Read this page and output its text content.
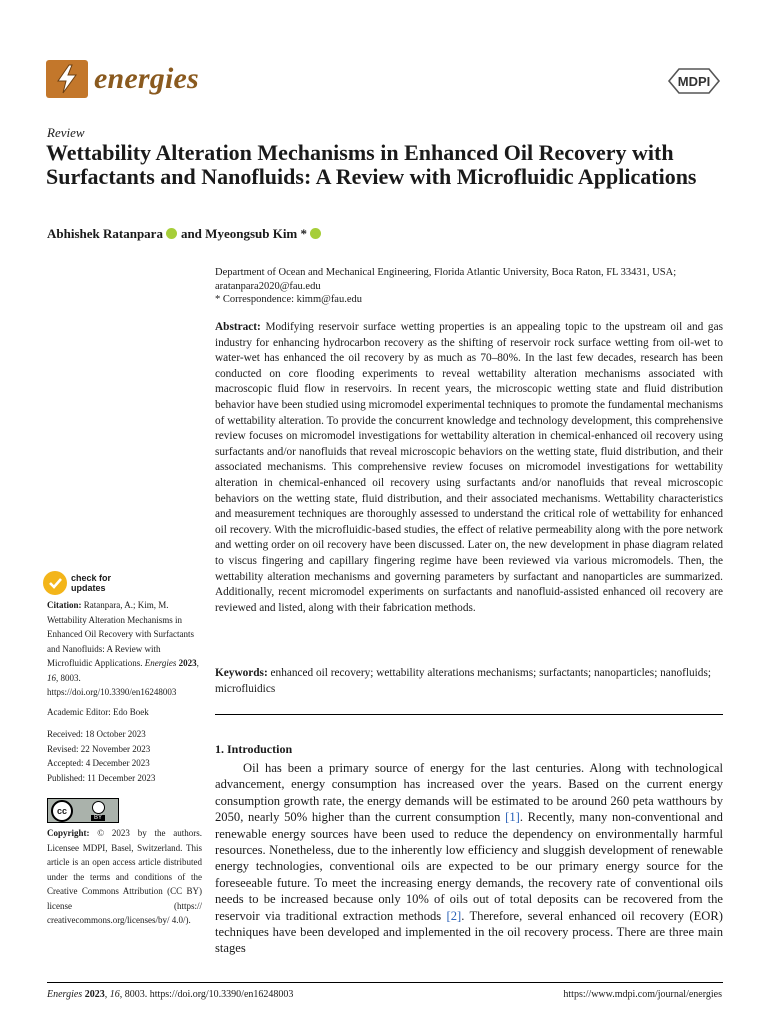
energies	MDPI
Review
Wettability Alteration Mechanisms in Enhanced Oil Recovery with Surfactants and Nanofluids: A Review with Microfluidic Applications
Abhishek Ratanpara and
Myeongsub Kim
*
Department of Ocean and Mechanical Engineering, Florida Atlantic University, Boca Raton, FL 33431, USA;
aratanpara2020@fau.edu
* Correspondence: kimm@fau.edu
Abstract: Modifying reservoir surface wetting properties is an appealing topic to the upstream oil and gas industry for enhancing hydrocarbon recovery as the shifting of reservoir rock surface wetting from oil-wet to water-wet has enhanced the oil recovery by as much as 70–80%. In the last few decades, research has been conducted on core flooding experiments to reveal wettability alteration mechanisms associated with macroscopic fluid flow in reservoirs. In recent years, the microscopic wetting state and fluid distribution behavior have been studied using micromodel experimental techniques to promote the fundamental mechanisms of wettability alteration. To provide the concurrent knowledge and technology development, this comprehensive review focuses on micromodel investigations for wettability alteration in chemical-enhanced oil recovery using surfactants and/or nanofluids that reveal microscopic behaviors on the wetting state, fluid distribution, and their associated mechanisms. This comprehensive review focuses on micromodel investigations for wettability alteration in chemical-enhanced oil recovery using surfactants and/or nanofluids that reveal microscopic behaviors on the wetting state, fluid distribution, and their associated mechanisms. Wettability characteristics and measurement techniques are thoroughly assessed to understand the critical role of wettability for enhanced oil recovery. With the microfluidic-based studies, the effect of relative permeability along with the pore network and wetting order on oil recovery have been discussed. Later on, the new development in phase diagram related to viscus fingering and capillary fingering regime have been reviewed via various micromodels. Then, the wettability alteration mechanisms and governing parameters by surfactant and nanoparticles are summarized. Additionally, recent micromodel experiments on surfactants and nanofluid-assisted enhanced oil recovery are reviewed and listed, along with their fabrication methods.
Keywords: enhanced oil recovery; wettability alterations mechanisms; surfactants; nanoparticles; nanofluids; microfluidics
check for
updates
Citation: Ratanpara, A.; Kim, M. Wettability Alteration Mechanisms in Enhanced Oil Recovery with Surfactants and Nanofluids: A Review with Microfluidic Applications. Energies 2023, 16, 8003. https://doi.org/10.3390/en16248003
Academic Editor: Edo Boek
Received: 18 October 2023
Revised: 22 November 2023
Accepted: 4 December 2023
Published: 11 December 2023
cc
BY
Copyright: © 2023 by the authors. Licensee MDPI, Basel, Switzerland. This article is an open access article distributed under the terms and conditions of the Creative Commons Attribution (CC BY) license (https:// creativecommons.org/licenses/by/ 4.0/).
1. Introduction
Oil has been a primary source of energy for the last centuries. Along with technological advancement, energy consumption has increased over the years. Based on the current energy consumption growth rate, the energy demands will be estimated to be around 260 peta watthours by 2050, nearly 50% higher than the current consumption [1]. Recently, many non-conventional and renewable energy sources have been used to reduce the dependency on environmentally harmful resources. Nonetheless, due to the inherently low efficiency and sluggish development of renewable energy technologies, conventional oils are expected to be our primary energy source for the foreseeable future. To meet the increasing energy demands, the recovery rate of conventional oils needs to be increased because only 10% of oils out of total deposits can be recovered from the reservoir via traditional extraction methods [2]. Therefore, several enhanced oil recovery (EOR) techniques have been developed and implemented in the oil recovery process. There are three main stages
Energies 2023, 16, 8003. https://doi.org/10.3390/en16248003	https://www.mdpi.com/journal/energies
